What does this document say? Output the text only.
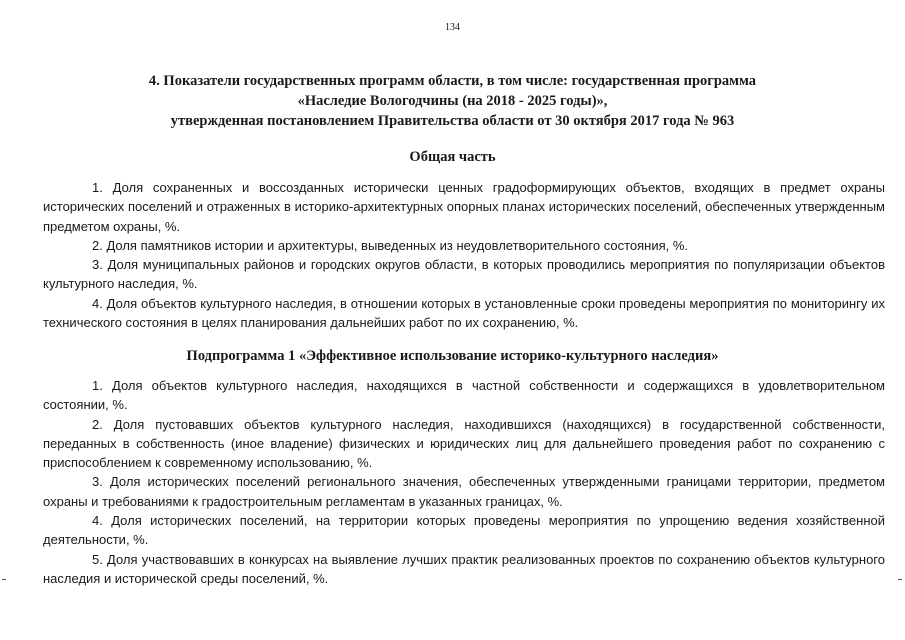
134
4. Показатели государственных программ области, в том числе: государственная программа
«Наследие Вологодчины (на 2018 - 2025 годы)»,
утвержденная постановлением Правительства области от 30 октября 2017 года № 963
Общая часть

1. Доля сохраненных и воссозданных исторически ценных градоформирующих объектов, входящих в предмет охраны исторических поселений и отраженных в историко-архитектурных опорных планах исторических поселений, обеспеченных утвержденным предметом охраны, %.

2. Доля памятников истории и архитектуры, выведенных из неудовлетворительного состояния, %.

3. Доля муниципальных районов и городских округов области, в которых проводились мероприятия по популяризации объектов культурного наследия, %.

4. Доля объектов культурного наследия, в отношении которых в установленные сроки проведены мероприятия по мониторингу их технического состояния в целях планирования дальнейших работ по их сохранению, %.

Подпрограмма 1 «Эффективное использование историко-культурного наследия»

1. Доля объектов культурного наследия, находящихся в частной собственности и содержащихся в удовлетворительном состоянии, %.

2. Доля пустовавших объектов культурного наследия, находившихся (находящихся) в государственной собственности, переданных в собственность (иное владение) физических и юридических лиц для дальнейшего проведения работ по сохранению с приспособлением к современному использованию, %.

3. Доля исторических поселений регионального значения, обеспеченных утвержденными границами территории, предметом охраны и требованиями к градостроительным регламентам в указанных границах, %.

4. Доля исторических поселений, на территории которых проведены мероприятия по упрощению ведения хозяйственной деятельности, %.

5. Доля участвовавших в конкурсах на выявление лучших практик реализованных проектов по сохранению объектов культурного наследия и исторической среды поселений, %.
